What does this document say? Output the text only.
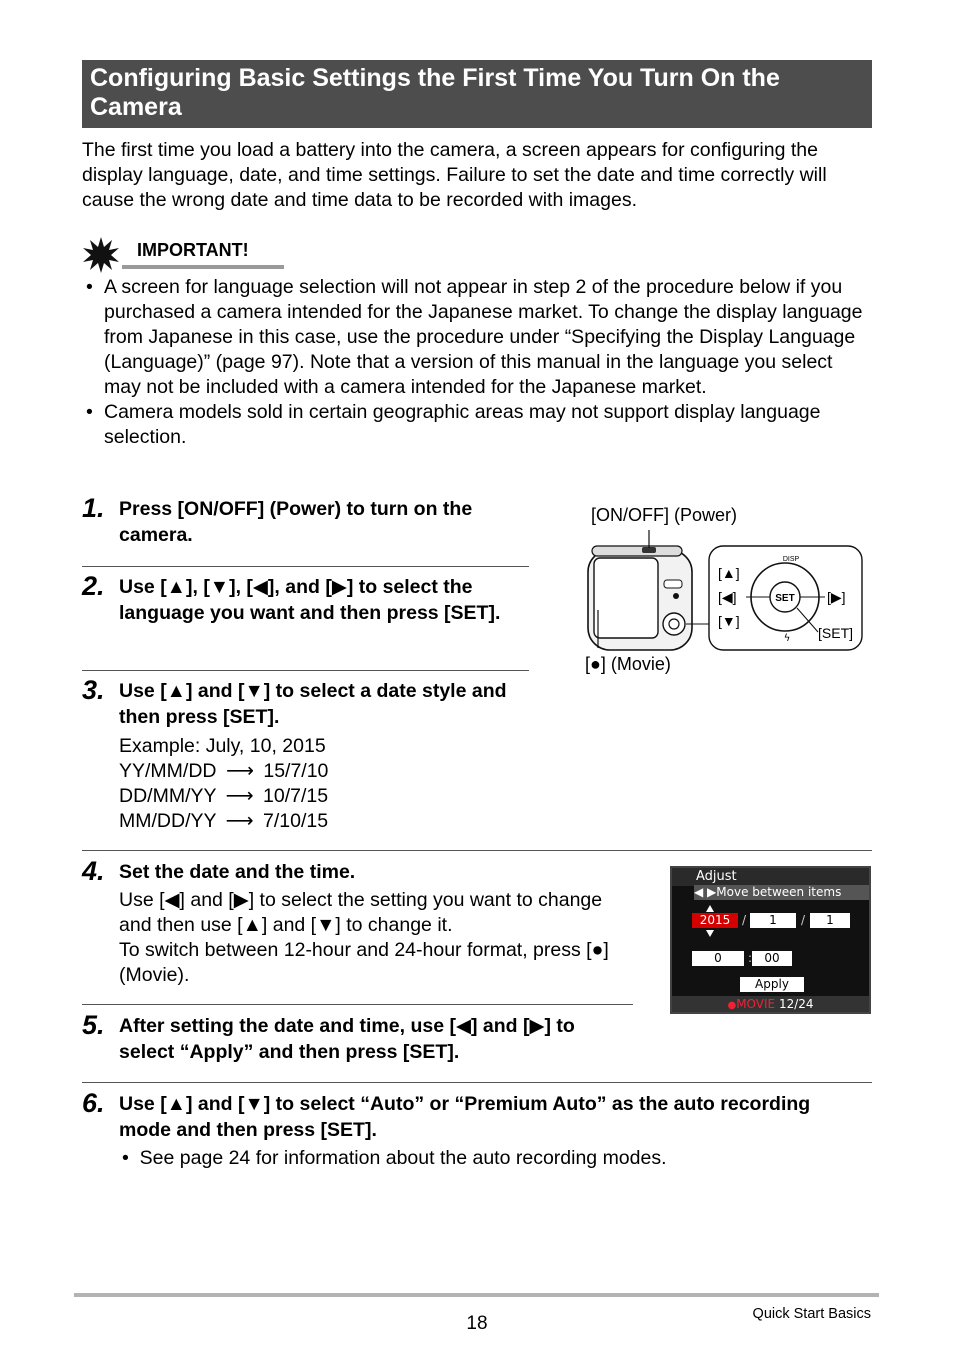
Configuring Basic Settings the First Time You Turn On the Camera
The first time you load a battery into the camera, a screen appears for configuring the display language, date, and time settings. Failure to set the date and time correctly will cause the wrong date and time data to be recorded with images.
IMPORTANT!
• A screen for language selection will not appear in step 2 of the procedure below if you purchased a camera intended for the Japanese market. To change the display language from Japanese in this case, use the procedure under “Specifying the Display Language (Language)” (page 97). Note that a version of this manual in the language you select may not be included with a camera intended for the Japanese market.
• Camera models sold in certain geographic areas may not support display language selection.
1. Press [ON/OFF] (Power) to turn on the camera.
2. Use [▲], [▼], [◀], and [▶] to select the language you want and then press [SET].
3. Use [▲] and [▼] to select a date style and then press [SET].
Example: July, 10, 2015
YY/MM/DD ⟶ 15/7/10
DD/MM/YY ⟶ 10/7/15
MM/DD/YY ⟶ 7/10/15
4. Set the date and the time.
Use [◀] and [▶] to select the setting you want to change and then use [▲] and [▼] to change it.
To switch between 12-hour and 24-hour format, press [●] (Movie).
5. After setting the date and time, use [◀] and [▶] to select “Apply” and then press [SET].
6. Use [▲] and [▼] to select “Auto” or “Premium Auto” as the auto recording mode and then press [SET].
• See page 24 for information about the auto recording modes.
[ON/OFF] (Power)
[●] (Movie)
SET
DISP
ϟ
[▲]
[◀]
[▼]
[▶]
[SET]
Adjust
◀ ▶Move between items
2015 /	1	/	1
0	:	00
Apply
●MOVIE 12/24
18	Quick Start Basics
